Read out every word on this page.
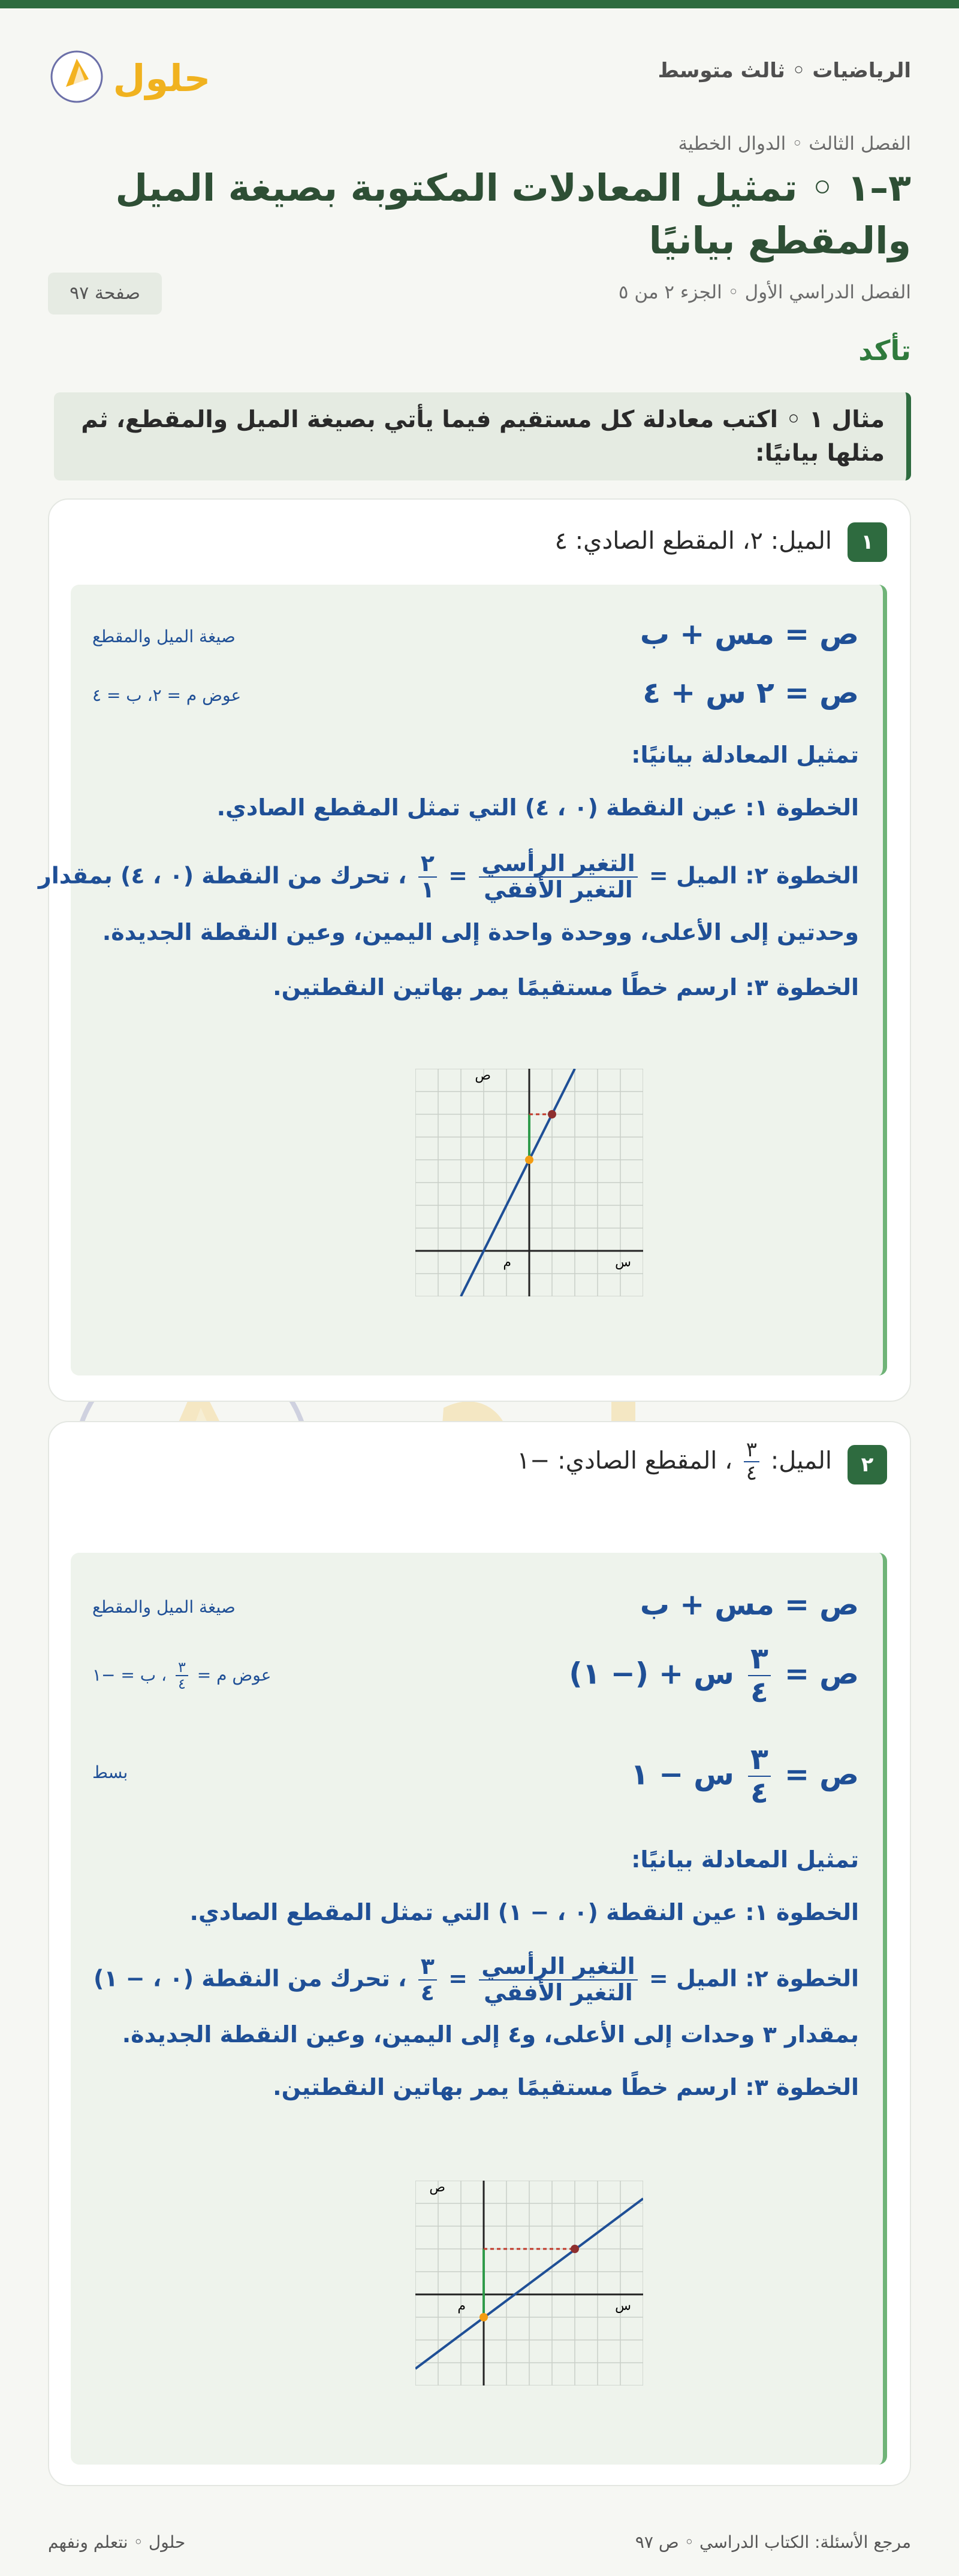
الرياضيات ◦ ثالث متوسط
حلول
الفصل الثالث ◦ الدوال الخطية
٣–١ ◦ تمثيل المعادلات المكتوبة بصيغة الميل والمقطع بيانيًا
الفصل الدراسي الأول ◦ الجزء ٢ من ٥
صفحة ٩٧
تأكد
مثال ١ ◦ اكتب معادلة كل مستقيم فيما يأتي بصيغة الميل والمقطع، ثم مثلها بيانيًا:
١
الميل: ٢، المقطع الصادي: ٤
ص = مس + ب
صيغة الميل والمقطع
ص = ٢ س + ٤
عوض م = ٢، ب = ٤
تمثيل المعادلة بيانيًا:
الخطوة ١: عين النقطة (٠ ، ٤) التي تمثل المقطع الصادي.
الخطوة ٢: الميل =
$\frac{\text{التغير الرأسي}}{\text{التغير الأفقي}}$
=
$\frac{٢}{١}$
، تحرك من النقطة (٠ ، ٤) بمقدار
وحدتين إلى الأعلى، ووحدة واحدة إلى اليمين، وعين النقطة الجديدة.
الخطوة ٣: ارسم خطًا مستقيمًا يمر بهاتين النقطتين.
س
ص
م
٢
الميل:
$\frac{٣}{٤}$
، المقطع الصادي: −١
ص = مس + ب
صيغة الميل والمقطع
ص =
$\frac{٣}{٤}$
س + (− ١)
عوض م =
$\frac{٣}{٤}$
، ب = −١
ص =
$\frac{٣}{٤}$
س − ١
بسط
تمثيل المعادلة بيانيًا:
الخطوة ١: عين النقطة (٠ ، − ١) التي تمثل المقطع الصادي.
الخطوة ٢: الميل =
$\frac{\text{التغير الرأسي}}{\text{التغير الأفقي}}$
=
$\frac{٣}{٤}$
، تحرك من النقطة (٠ ، − ١)
بمقدار ٣ وحدات إلى الأعلى، و٤ إلى اليمين، وعين النقطة الجديدة.
الخطوة ٣: ارسم خطًا مستقيمًا يمر بهاتين النقطتين.
س
ص
م
حلول ◦ نتعلم ونفهم	مرجع الأسئلة: الكتاب الدراسي ◦ ص ٩٧
